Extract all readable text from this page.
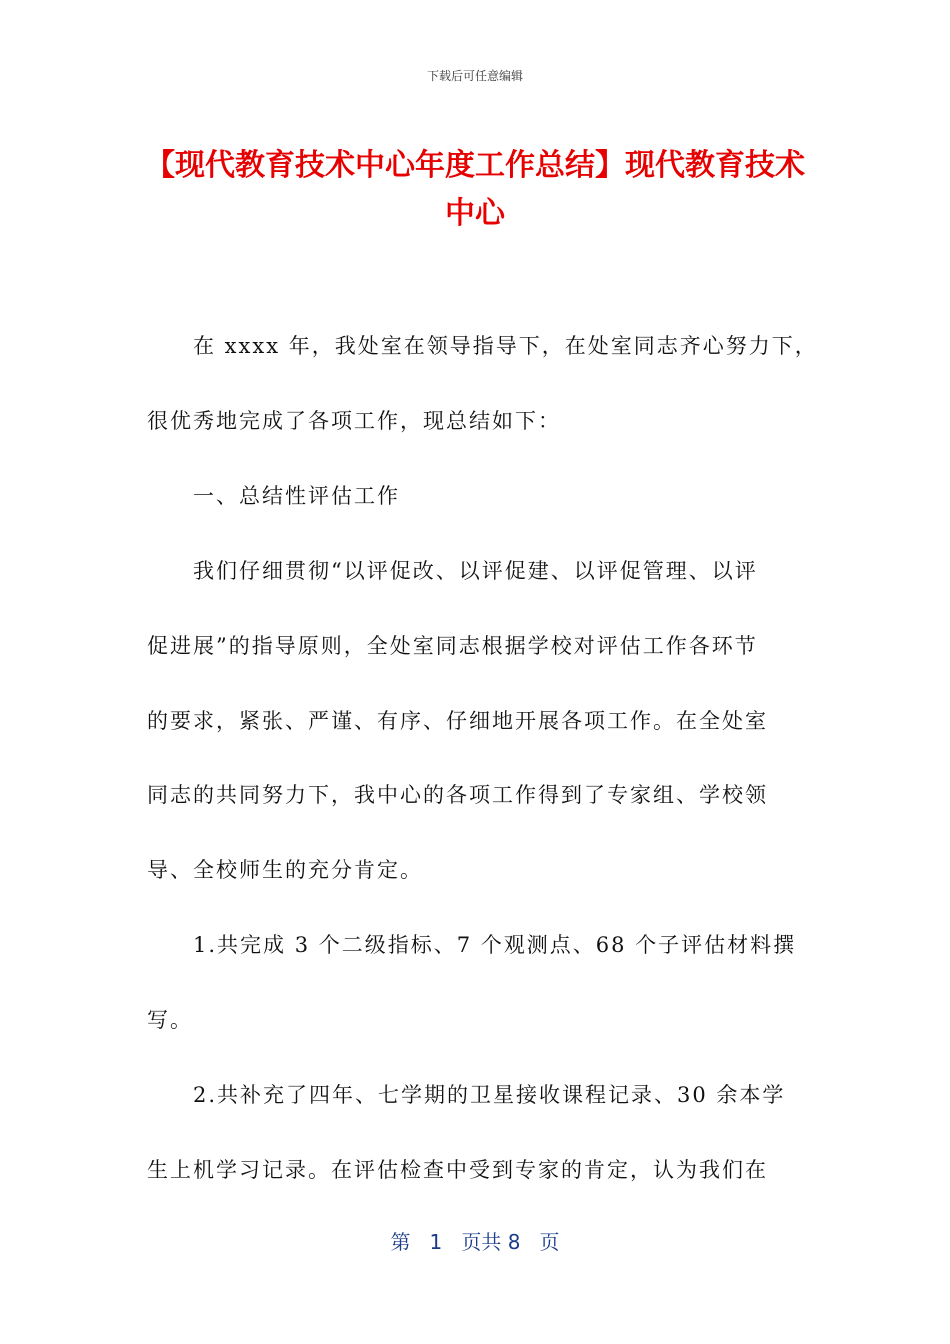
下载后可任意编辑
【现代教育技术中心年度工作总结】现代教育技术中心

在 xxxx 年，我处室在领导指导下，在处室同志齐心努力下，

很优秀地完成了各项工作，现总结如下：

一、总结性评估工作

我们仔细贯彻“以评促改、以评促建、以评促管理、以评

促进展”的指导原则，全处室同志根据学校对评估工作各环节

的要求，紧张、严谨、有序、仔细地开展各项工作。在全处室

同志的共同努力下，我中心的各项工作得到了专家组、学校领

导、全校师生的充分肯定。

1.共完成 3 个二级指标、7 个观测点、68 个子评估材料撰

写。

2.共补充了四年、七学期的卫星接收课程记录、30 余本学

生上机学习记录。在评估检查中受到专家的肯定，认为我们在

第 1 页共 8 页
